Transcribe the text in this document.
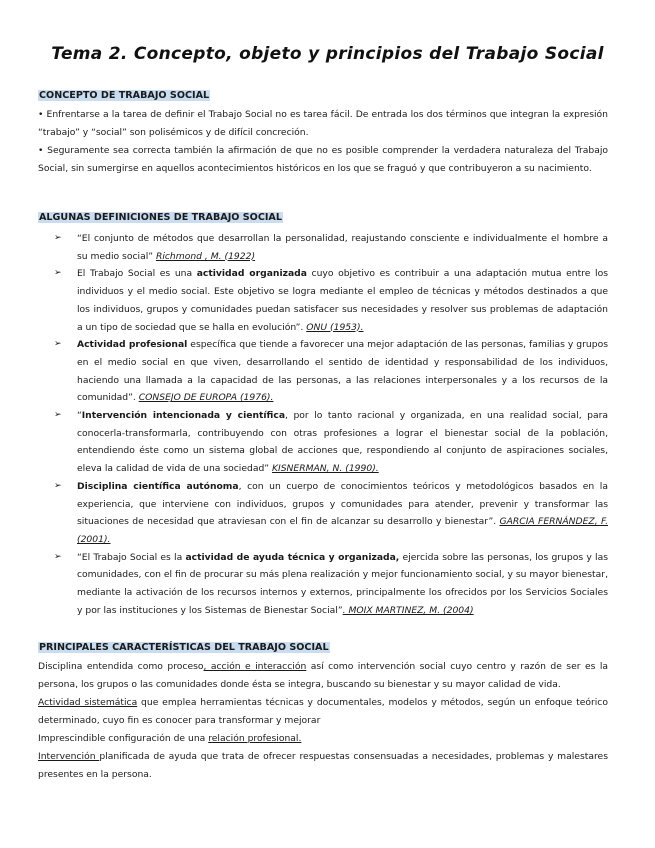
Tema 2. Concepto, objeto y principios del Trabajo Social
CONCEPTO DE TRABAJO SOCIAL
• Enfrentarse a la tarea de definir el Trabajo Social no es tarea fácil. De entrada los dos términos que integran la expresión “trabajo” y “social” son polisémicos y de difícil concreción.
• Seguramente sea correcta también la afirmación de que no es posible comprender la verdadera naturaleza del Trabajo Social, sin sumergirse en aquellos acontecimientos históricos en los que se fraguó y que contribuyeron a su nacimiento.
ALGUNAS DEFINICIONES DE TRABAJO SOCIAL
➢ “El conjunto de métodos que desarrollan la personalidad, reajustando consciente e individualmente el hombre a su medio social” Richmond , M. (1922)
➢ El Trabajo Social es una actividad organizada cuyo objetivo es contribuir a una adaptación mutua entre los individuos y el medio social. Este objetivo se logra mediante el empleo de técnicas y métodos destinados a que los individuos, grupos y comunidades puedan satisfacer sus necesidades y resolver sus problemas de adaptación a un tipo de sociedad que se halla en evolución”. ONU (1953).
➢ Actividad profesional específica que tiende a favorecer una mejor adaptación de las personas, familias y grupos en el medio social en que viven, desarrollando el sentido de identidad y responsabilidad de los individuos, haciendo una llamada a la capacidad de las personas, a las relaciones interpersonales y a los recursos de la comunidad”. CONSEJO DE EUROPA (1976).
➢ “Intervención intencionada y científica, por lo tanto racional y organizada, en una realidad social, para conocerla-transformarla, contribuyendo con otras profesiones a lograr el bienestar social de la población, entendiendo éste como un sistema global de acciones que, respondiendo al conjunto de aspiraciones sociales, eleva la calidad de vida de una sociedad” KISNERMAN, N. (1990).
➢ Disciplina científica autónoma, con un cuerpo de conocimientos teóricos y metodológicos basados en la experiencia, que interviene con individuos, grupos y comunidades para atender, prevenir y transformar las situaciones de necesidad que atraviesan con el fin de alcanzar su desarrollo y bienestar”. GARCIA FERNÁNDEZ, F. (2001).
➢ “El Trabajo Social es la actividad de ayuda técnica y organizada, ejercida sobre las personas, los grupos y las comunidades, con el fin de procurar su más plena realización y mejor funcionamiento social, y su mayor bienestar, mediante la activación de los recursos internos y externos, principalmente los ofrecidos por los Servicios Sociales y por las instituciones y los Sistemas de Bienestar Social”. MOIX MARTINEZ, M. (2004)
PRINCIPALES CARACTERÍSTICAS DEL TRABAJO SOCIAL
Disciplina entendida como proceso, acción e interacción así como intervención social cuyo centro y razón de ser es la persona, los grupos o las comunidades donde ésta se integra, buscando su bienestar y su mayor calidad de vida.
Actividad sistemática que emplea herramientas técnicas y documentales, modelos y métodos, según un enfoque teórico determinado, cuyo fin es conocer para transformar y mejorar
Imprescindible configuración de una relación profesional.
Intervención planificada de ayuda que trata de ofrecer respuestas consensuadas a necesidades, problemas y malestares presentes en la persona.
